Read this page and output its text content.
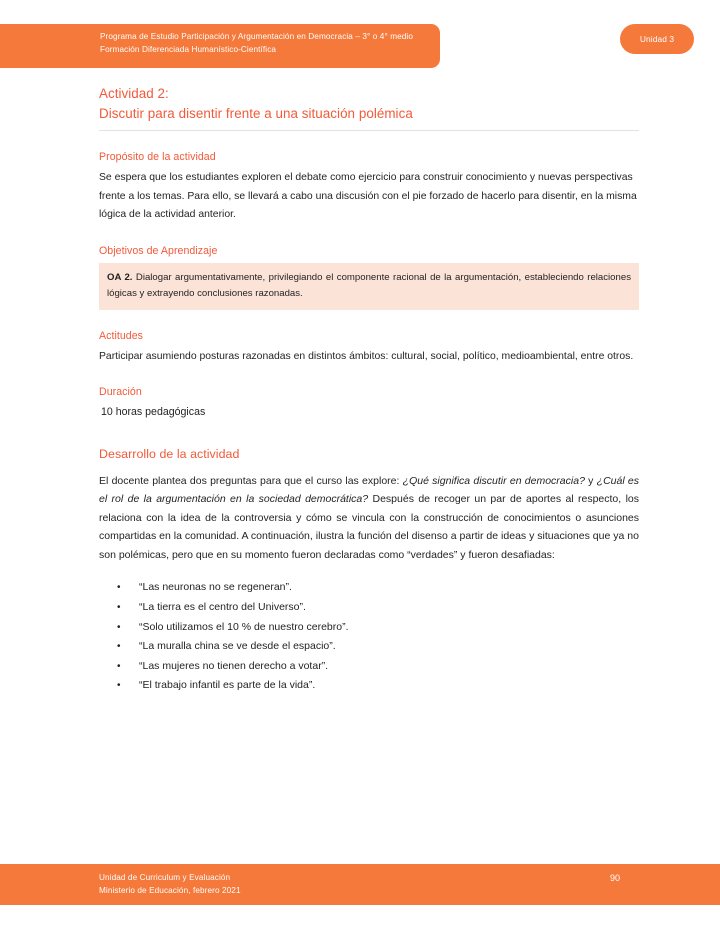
Programa de Estudio Participación y Argumentación en Democracia – 3° o 4° medio
Formación Diferenciada Humanístico-Científica
Unidad 3
Actividad 2:
Discutir para disentir frente a una situación polémica
Propósito de la actividad

Se espera que los estudiantes exploren el debate como ejercicio para construir conocimiento y nuevas perspectivas frente a los temas. Para ello, se llevará a cabo una discusión con el pie forzado de hacerlo para disentir, en la misma lógica de la actividad anterior.

Objetivos de Aprendizaje

OA 2. Dialogar argumentativamente, privilegiando el componente racional de la argumentación, estableciendo relaciones lógicas y extrayendo conclusiones razonadas.

Actitudes

Participar asumiendo posturas razonadas en distintos ámbitos: cultural, social, político, medioambiental, entre otros.

Duración

10 horas pedagógicas

Desarrollo de la actividad

El docente plantea dos preguntas para que el curso las explore: ¿Qué significa discutir en democracia? y ¿Cuál es el rol de la argumentación en la sociedad democrática? Después de recoger un par de aportes al respecto, los relaciona con la idea de la controversia y cómo se vincula con la construcción de conocimientos o asunciones compartidas en la comunidad. A continuación, ilustra la función del disenso a partir de ideas y situaciones que ya no son polémicas, pero que en su momento fueron declaradas como “verdades” y fueron desafiadas:

• “Las neuronas no se regeneran”.
• “La tierra es el centro del Universo”.
• “Solo utilizamos el 10 % de nuestro cerebro”.
• “La muralla china se ve desde el espacio”.
• “Las mujeres no tienen derecho a votar”.
• “El trabajo infantil es parte de la vida”.
Unidad de Curriculum y Evaluación
Ministerio de Educación, febrero 2021
90
